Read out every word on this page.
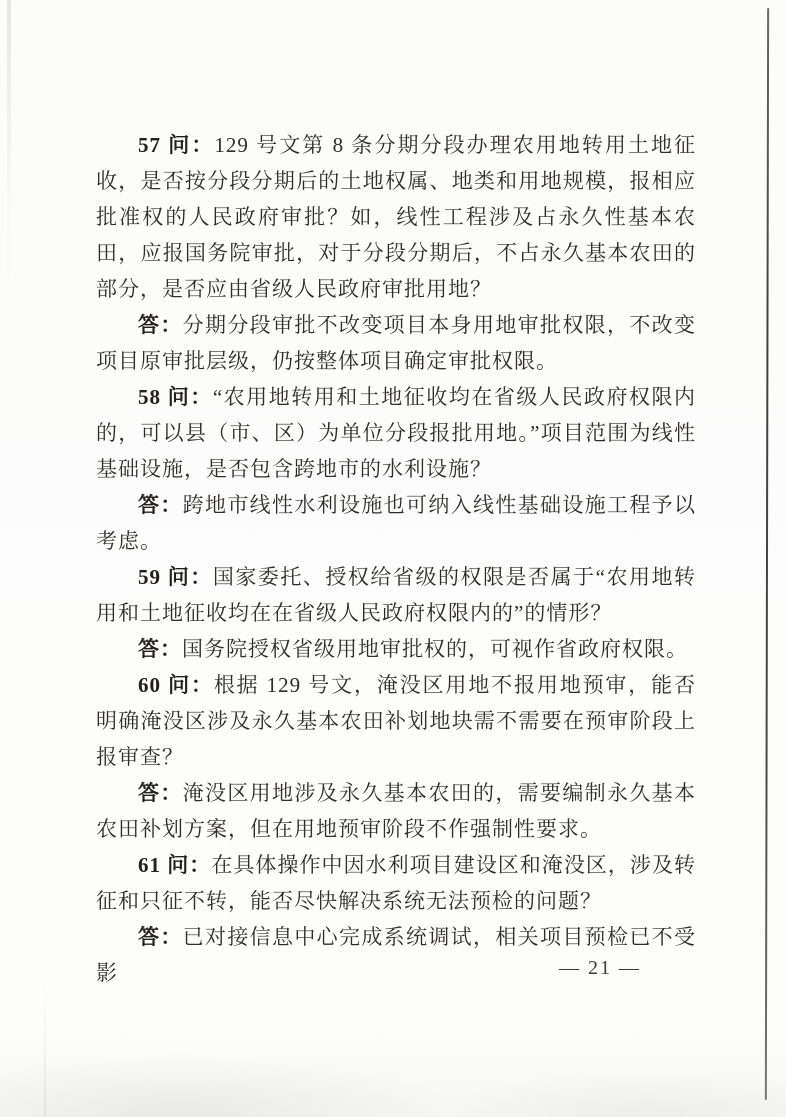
57 问：129 号文第 8 条分期分段办理农用地转用土地征收，是否按分段分期后的土地权属、地类和用地规模，报相应批准权的人民政府审批？如，线性工程涉及占永久性基本农田，应报国务院审批，对于分段分期后，不占永久基本农田的部分，是否应由省级人民政府审批用地？

答：分期分段审批不改变项目本身用地审批权限，不改变项目原审批层级，仍按整体项目确定审批权限。

58 问：“农用地转用和土地征收均在省级人民政府权限内的，可以县（市、区）为单位分段报批用地。”项目范围为线性基础设施，是否包含跨地市的水利设施？

答：跨地市线性水利设施也可纳入线性基础设施工程予以考虑。

59 问：国家委托、授权给省级的权限是否属于“农用地转用和土地征收均在在省级人民政府权限内的”的情形？

答：国务院授权省级用地审批权的，可视作省政府权限。

60 问：根据 129 号文，淹没区用地不报用地预审，能否明确淹没区涉及永久基本农田补划地块需不需要在预审阶段上报审查？

答：淹没区用地涉及永久基本农田的，需要编制永久基本农田补划方案，但在用地预审阶段不作强制性要求。

61 问：在具体操作中因水利项目建设区和淹没区，涉及转征和只征不转，能否尽快解决系统无法预检的问题？

答：已对接信息中心完成系统调试，相关项目预检已不受影	— 21 —
